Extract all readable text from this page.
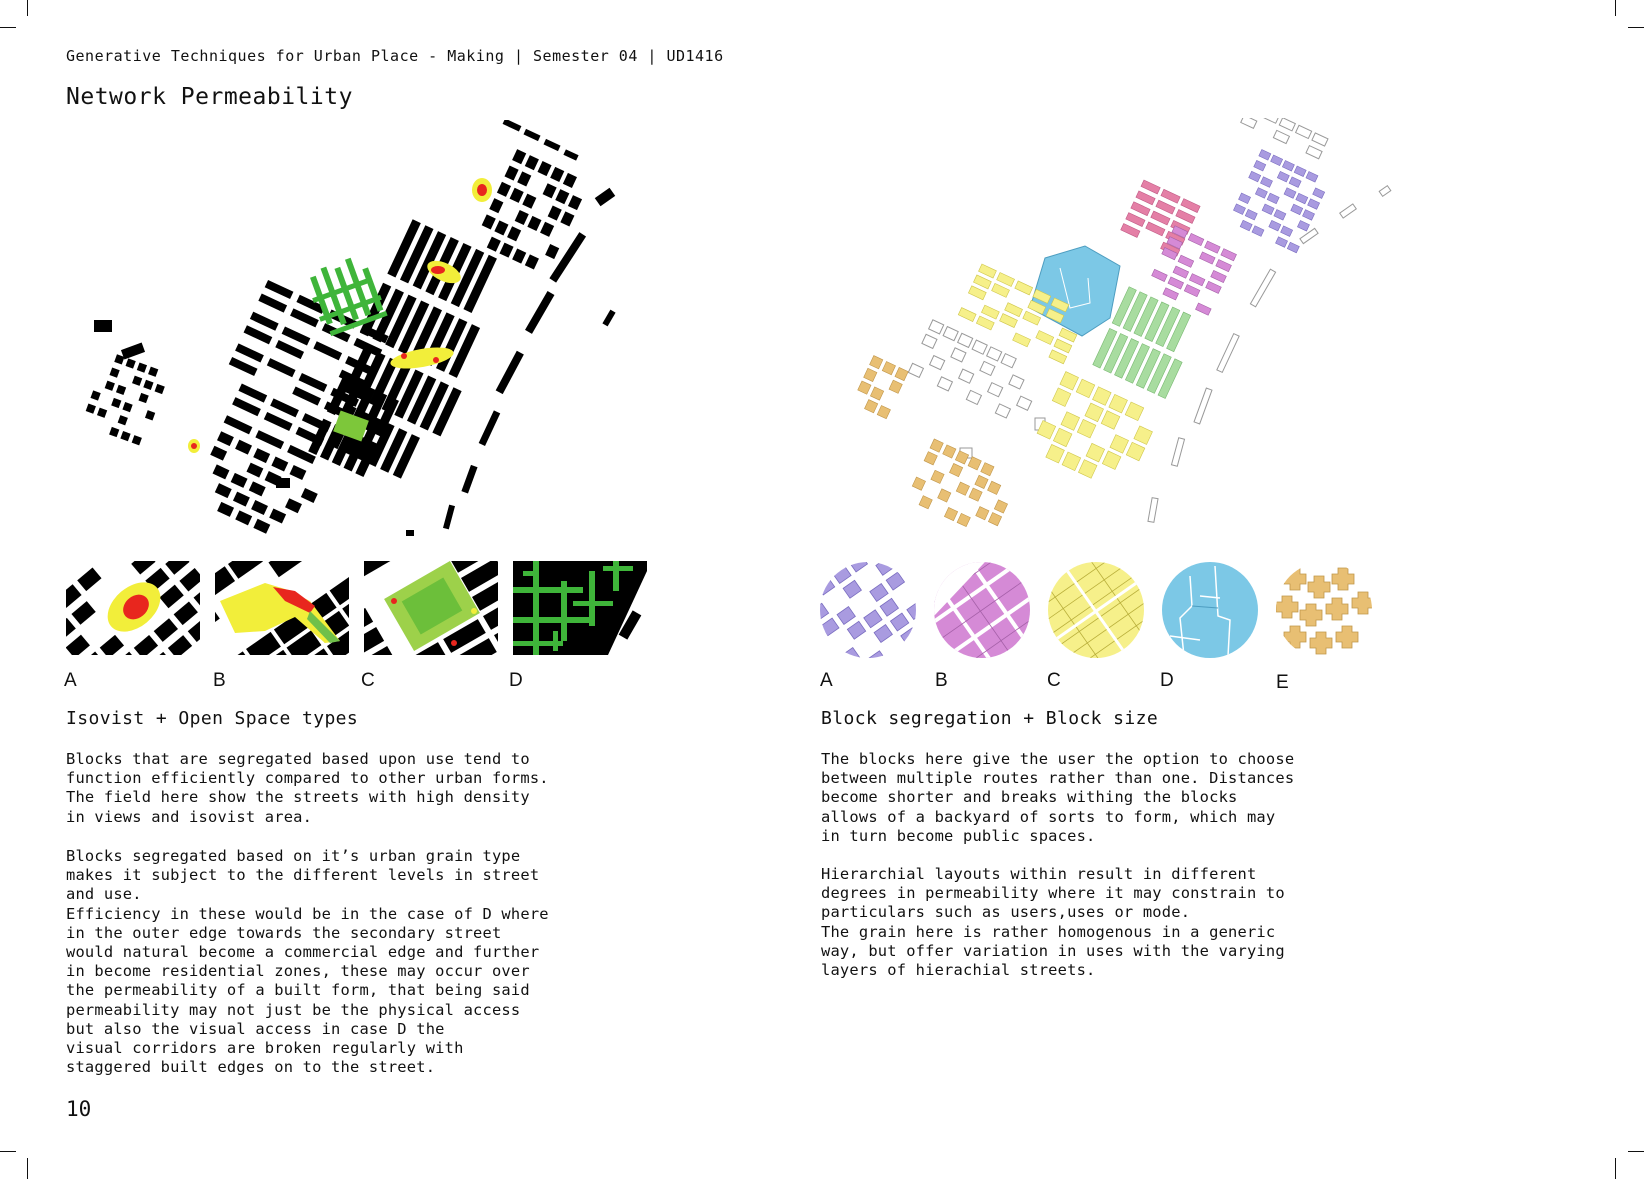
Generative Techniques for Urban Place - Making | Semester 04 | UD1416
Network Permeability
A	B	C	D
Isovist + Open Space types
Blocks that are segregated based upon use tend to
function efficiently compared to other urban forms.
The field here show the streets with high density
in views and isovist area.
Blocks segregated based on it’s urban grain type
makes it subject to the different levels in street
and use.
Efficiency in these would be in the case of D where
in the outer edge towards the secondary street
would natural become a commercial edge and further
in become residential zones, these may occur over
the permeability of a built form, that being said
permeability may not just be the physical access
but also the visual access in case D the
visual corridors are broken regularly with
staggered built edges on to the street.
A	B	C	D	E
Block segregation + Block size
The blocks here give the user the option to choose
between multiple routes rather than one. Distances
become shorter and breaks withing the blocks
allows of a backyard of sorts to form, which may
in turn become public spaces.
Hierarchial layouts within result in different
degrees in permeability where it may constrain to
particulars such as users,uses or mode.
The grain here is rather homogenous in a generic
way, but offer variation in uses with the varying
layers of hierachial streets.
10
